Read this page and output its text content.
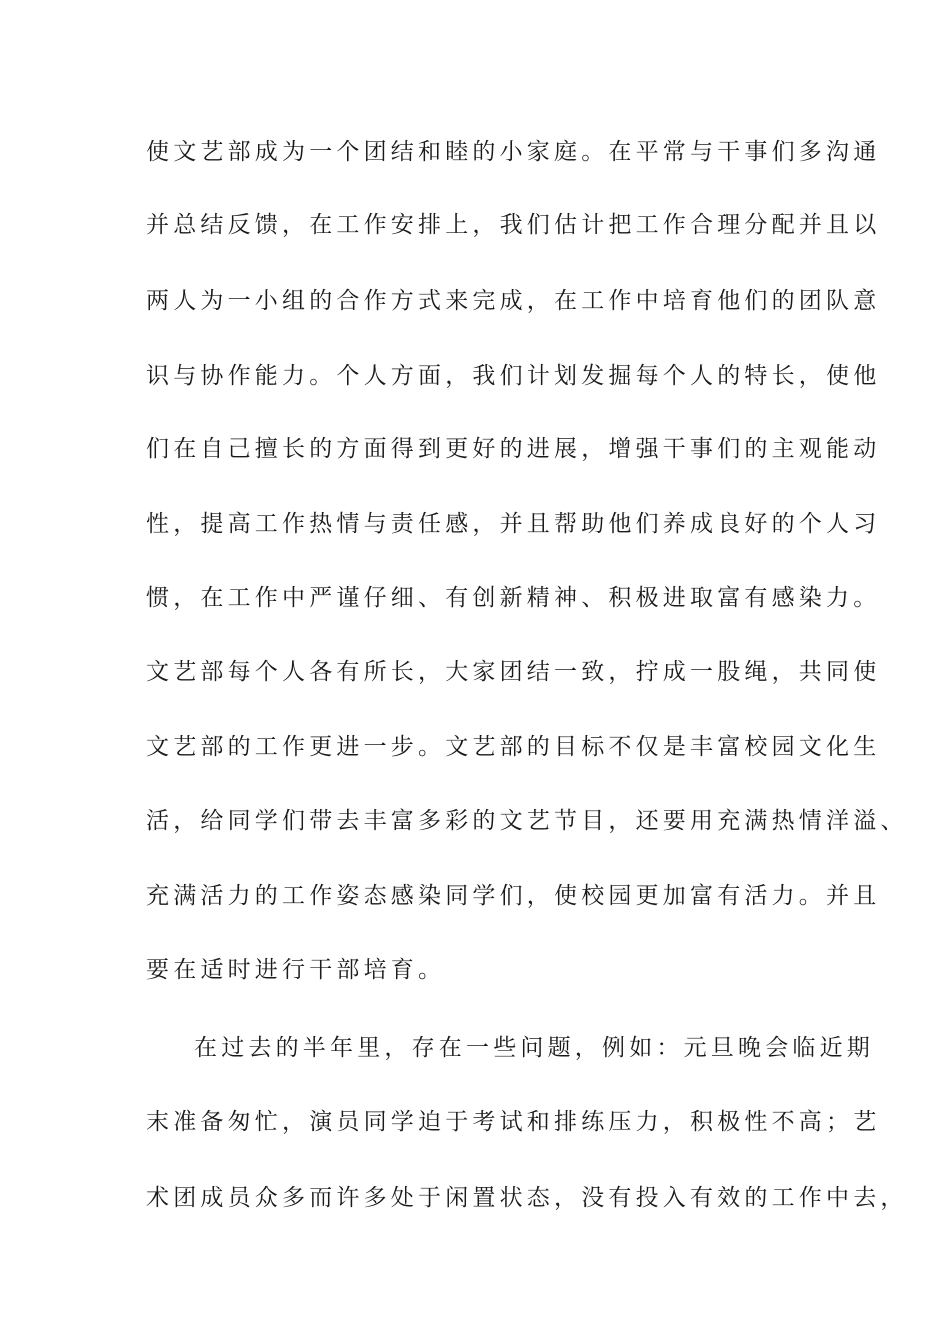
使文艺部成为一个团结和睦的小家庭。在平常与干事们多沟通
并总结反馈，在工作安排上，我们估计把工作合理分配并且以
两人为一小组的合作方式来完成，在工作中培育他们的团队意
识与协作能力。个人方面，我们计划发掘每个人的特长，使他
们在自己擅长的方面得到更好的进展，增强干事们的主观能动
性，提高工作热情与责任感，并且帮助他们养成良好的个人习
惯，在工作中严谨仔细、有创新精神、积极进取富有感染力。
文艺部每个人各有所长，大家团结一致，拧成一股绳，共同使
文艺部的工作更进一步。文艺部的目标不仅是丰富校园文化生
活，给同学们带去丰富多彩的文艺节目，还要用充满热情洋溢、
充满活力的工作姿态感染同学们，使校园更加富有活力。并且
要在适时进行干部培育。
在过去的半年里，存在一些问题，例如：元旦晚会临近期
末准备匆忙，演员同学迫于考试和排练压力，积极性不高；艺
术团成员众多而许多处于闲置状态，没有投入有效的工作中去，
